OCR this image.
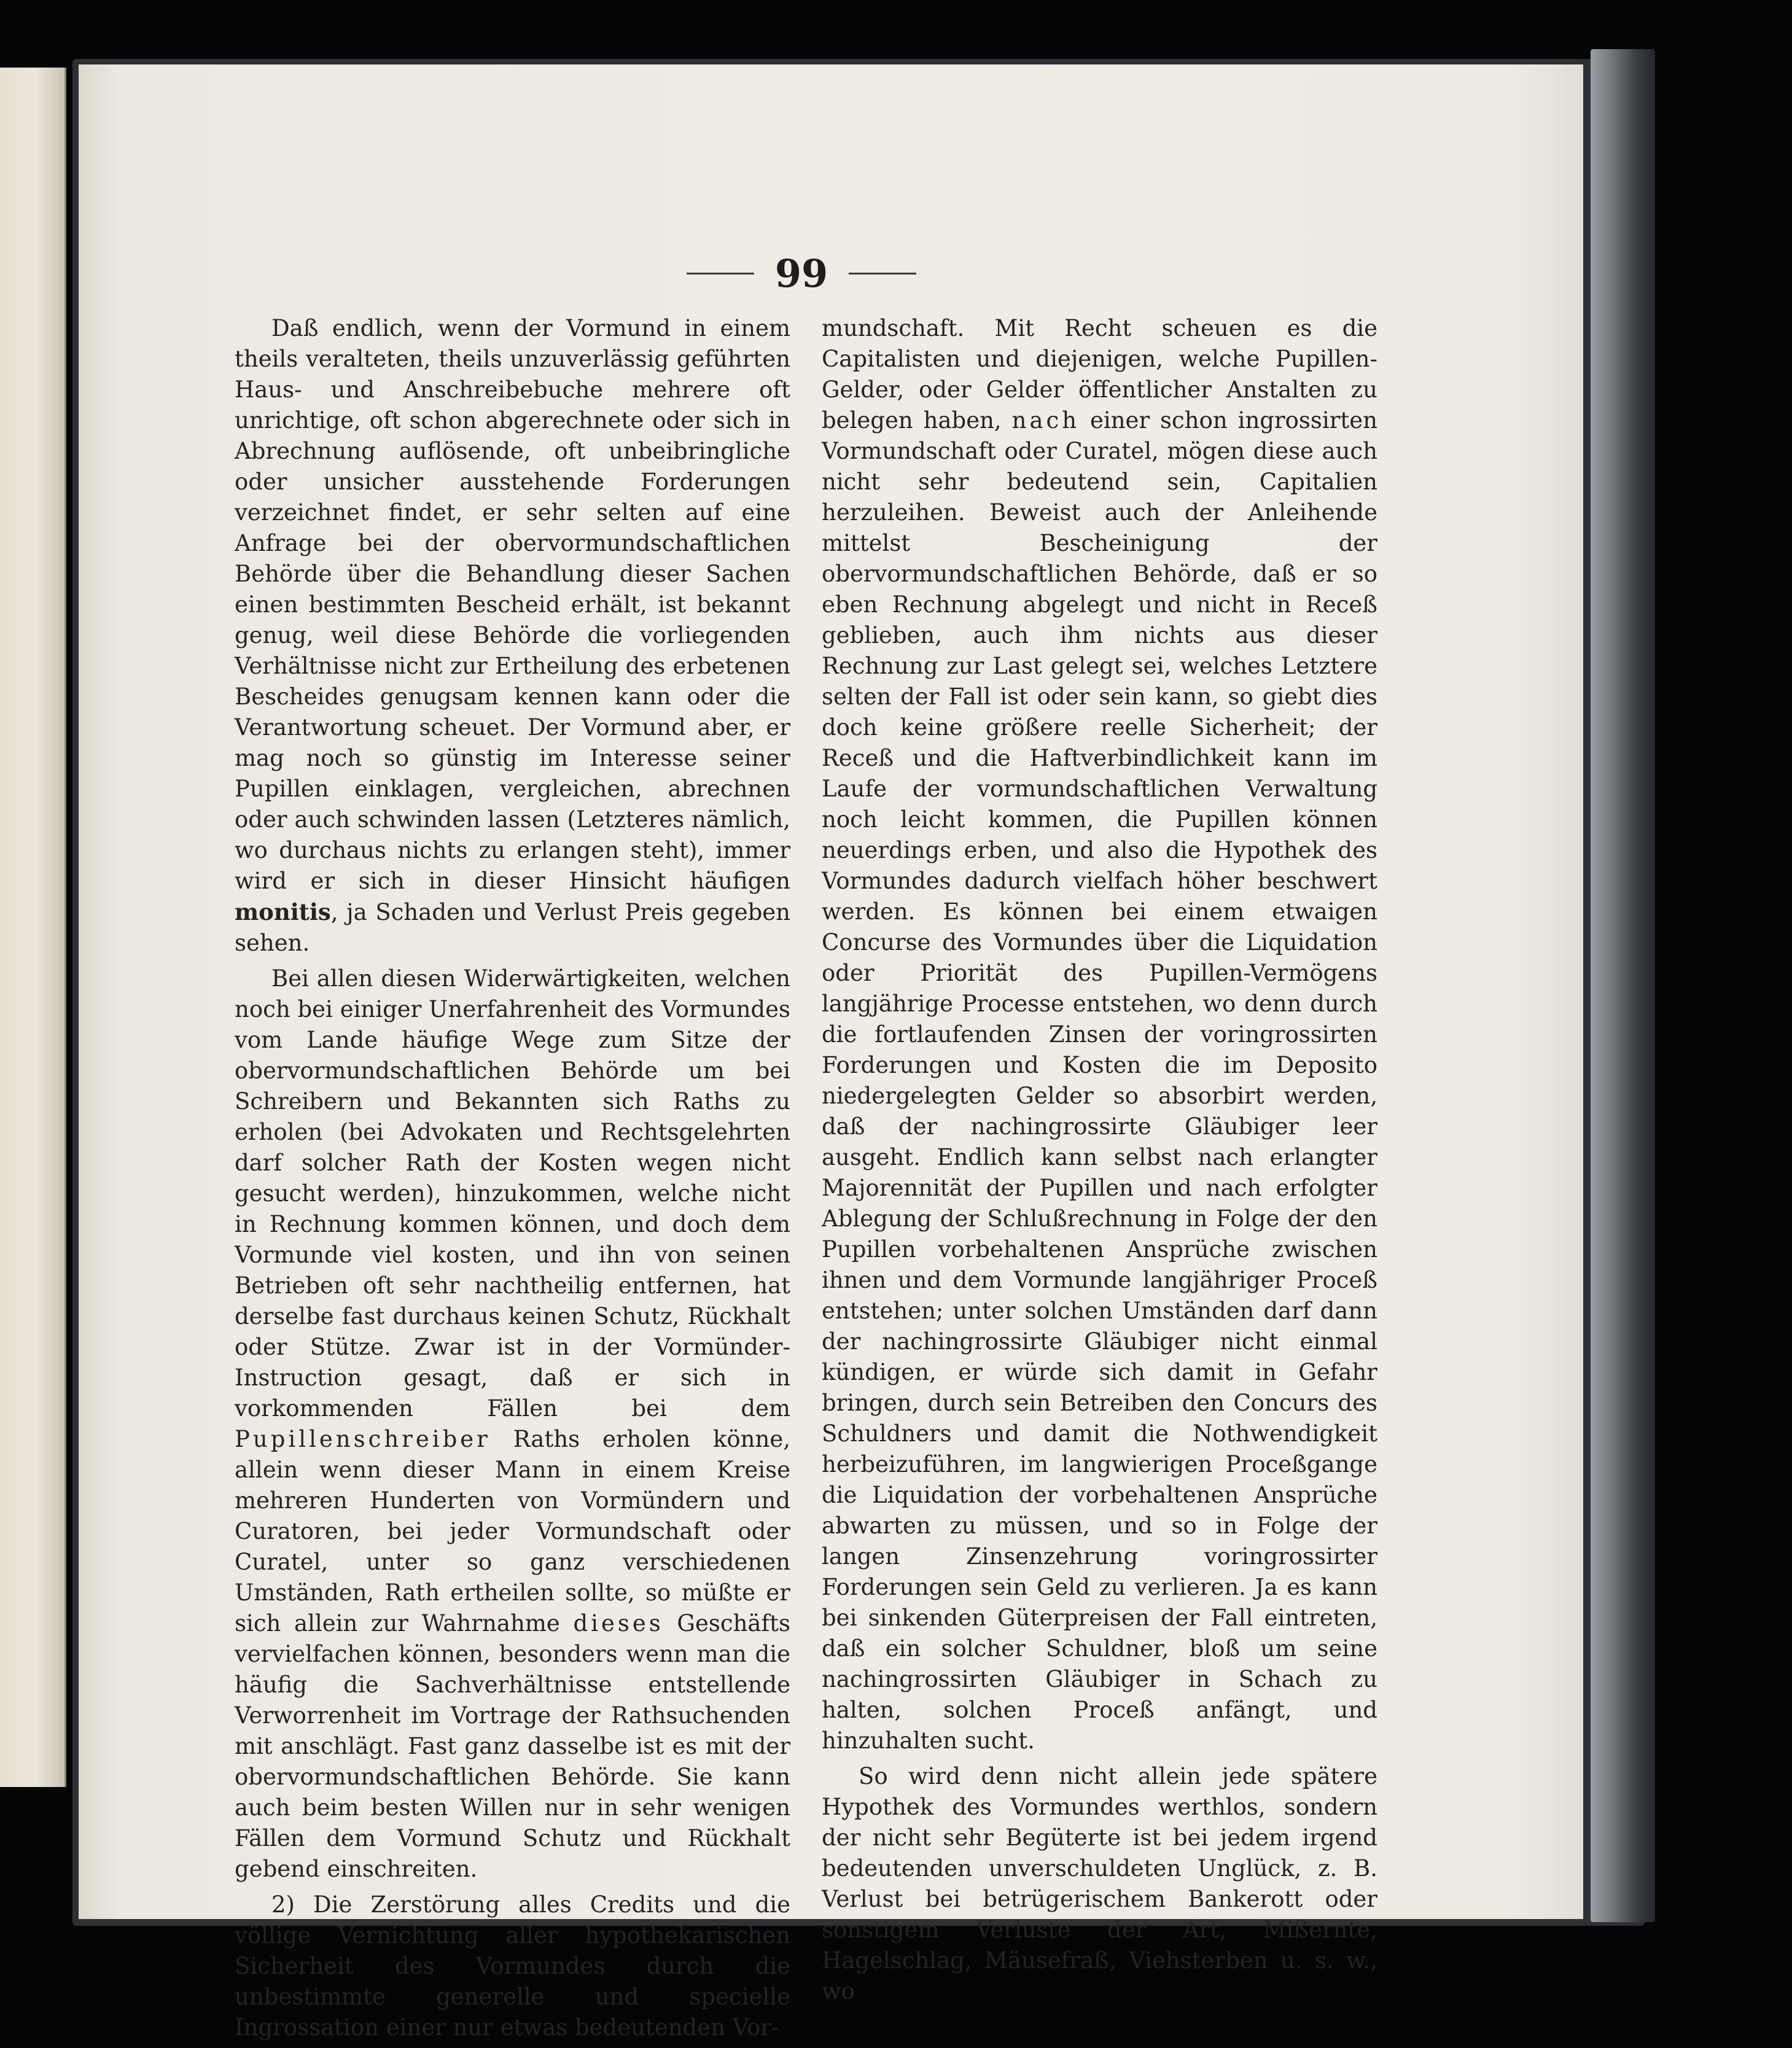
99

Daß endlich, wenn der Vormund in einem theils veralteten, theils unzuverlässig geführten Haus- und Anschreibebuche mehrere oft unrichtige, oft schon abgerechnete oder sich in Abrechnung auflösende, oft unbeibringliche oder unsicher ausstehende Forderungen verzeichnet findet, er sehr selten auf eine Anfrage bei der obervormundschaftlichen Behörde über die Behandlung dieser Sachen einen bestimmten Bescheid erhält, ist bekannt genug, weil diese Behörde die vorliegenden Verhältnisse nicht zur Ertheilung des erbetenen Bescheides genugsam kennen kann oder die Verantwortung scheuet. Der Vormund aber, er mag noch so günstig im Interesse seiner Pupillen einklagen, vergleichen, abrechnen oder auch schwinden lassen (Letzteres nämlich, wo durchaus nichts zu erlangen steht), immer wird er sich in dieser Hinsicht häufigen monitis, ja Schaden und Verlust Preis gegeben sehen.

Bei allen diesen Widerwärtigkeiten, welchen noch bei einiger Unerfahrenheit des Vormundes vom Lande häufige Wege zum Sitze der obervormundschaftlichen Behörde um bei Schreibern und Bekannten sich Raths zu erholen (bei Advokaten und Rechtsgelehrten darf solcher Rath der Kosten wegen nicht gesucht werden), hinzukommen, welche nicht in Rechnung kommen können, und doch dem Vormunde viel kosten, und ihn von seinen Betrieben oft sehr nachtheilig entfernen, hat derselbe fast durchaus keinen Schutz, Rückhalt oder Stütze. Zwar ist in der Vormünder-Instruction gesagt, daß er sich in vorkommenden Fällen bei dem Pupillenschreiber Raths erholen könne, allein wenn dieser Mann in einem Kreise mehreren Hunderten von Vormündern und Curatoren, bei jeder Vormundschaft oder Curatel, unter so ganz verschiedenen Umständen, Rath ertheilen sollte, so müßte er sich allein zur Wahrnahme dieses Geschäfts vervielfachen können, besonders wenn man die häufig die Sachverhältnisse entstellende Verworrenheit im Vortrage der Rathsuchenden mit anschlägt. Fast ganz dasselbe ist es mit der obervormundschaftlichen Behörde. Sie kann auch beim besten Willen nur in sehr wenigen Fällen dem Vormund Schutz und Rückhalt gebend einschreiten.

2) Die Zerstörung alles Credits und die völlige Vernichtung aller hypothekarischen Sicherheit des Vormundes durch die unbestimmte generelle und specielle Ingrossation einer nur etwas bedeutenden Vor-

mundschaft. Mit Recht scheuen es die Capitalisten und diejenigen, welche Pupillen-Gelder, oder Gelder öffentlicher Anstalten zu belegen haben, nach einer schon ingrossirten Vormundschaft oder Curatel, mögen diese auch nicht sehr bedeutend sein, Capitalien herzuleihen. Beweist auch der Anleihende mittelst Bescheinigung der obervormundschaftlichen Behörde, daß er so eben Rechnung abgelegt und nicht in Receß geblieben, auch ihm nichts aus dieser Rechnung zur Last gelegt sei, welches Letztere selten der Fall ist oder sein kann, so giebt dies doch keine größere reelle Sicherheit; der Receß und die Haftverbindlichkeit kann im Laufe der vormundschaftlichen Verwaltung noch leicht kommen, die Pupillen können neuerdings erben, und also die Hypothek des Vormundes dadurch vielfach höher beschwert werden. Es können bei einem etwaigen Concurse des Vormundes über die Liquidation oder Priorität des Pupillen-Vermögens langjährige Processe entstehen, wo denn durch die fortlaufenden Zinsen der voringrossirten Forderungen und Kosten die im Deposito niedergelegten Gelder so absorbirt werden, daß der nachingrossirte Gläubiger leer ausgeht. Endlich kann selbst nach erlangter Majorennität der Pupillen und nach erfolgter Ablegung der Schlußrechnung in Folge der den Pupillen vorbehaltenen Ansprüche zwischen ihnen und dem Vormunde langjähriger Proceß entstehen; unter solchen Umständen darf dann der nachingrossirte Gläubiger nicht einmal kündigen, er würde sich damit in Gefahr bringen, durch sein Betreiben den Concurs des Schuldners und damit die Nothwendigkeit herbeizuführen, im langwierigen Proceßgange die Liquidation der vorbehaltenen Ansprüche abwarten zu müssen, und so in Folge der langen Zinsenzehrung voringrossirter Forderungen sein Geld zu verlieren. Ja es kann bei sinkenden Güterpreisen der Fall eintreten, daß ein solcher Schuldner, bloß um seine nachingrossirten Gläubiger in Schach zu halten, solchen Proceß anfängt, und hinzuhalten sucht.

So wird denn nicht allein jede spätere Hypothek des Vormundes werthlos, sondern der nicht sehr Begüterte ist bei jedem irgend bedeutenden unverschuldeten Unglück, z. B. Verlust bei betrügerischem Bankerott oder sonstigem Verluste der Art, Mißernte, Hagelschlag, Mäusefraß, Viehsterben u. s. w., wo
